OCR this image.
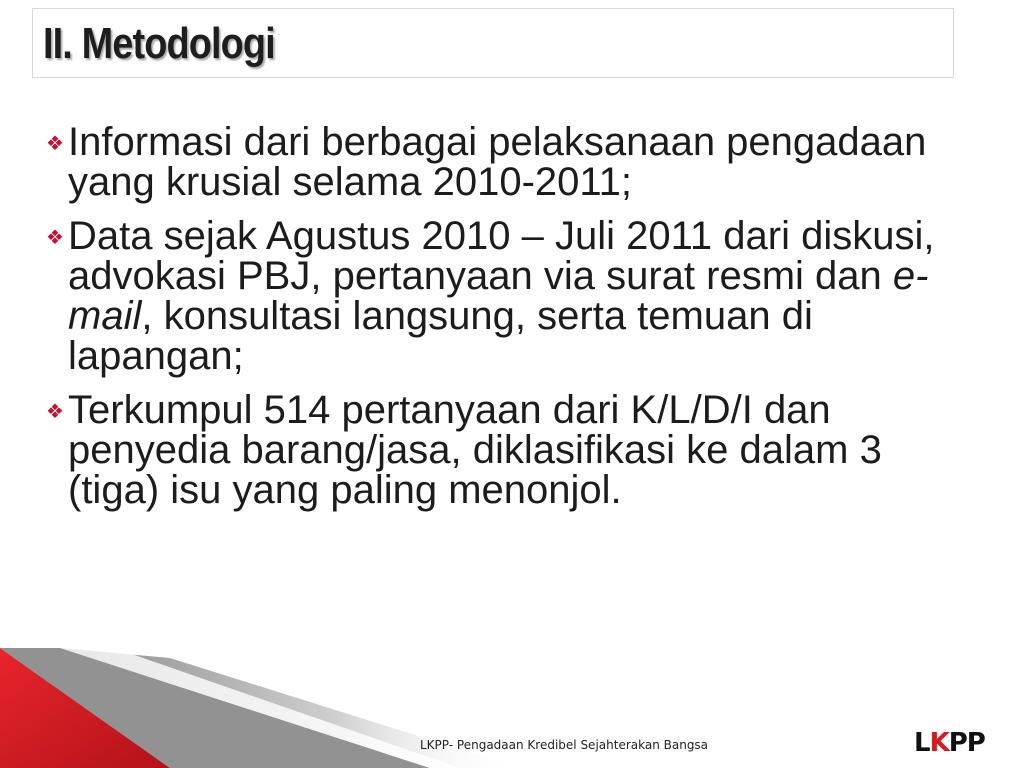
II. Metodologi
❖ Informasi dari berbagai pelaksanaan pengadaan yang krusial selama 2010-2011;
❖ Data sejak Agustus 2010 – Juli 2011 dari diskusi, advokasi PBJ, pertanyaan via surat resmi dan e-mail, konsultasi langsung, serta temuan di lapangan;
❖ Terkumpul 514 pertanyaan dari K/L/D/I dan penyedia barang/jasa, diklasifikasi ke dalam 3 (tiga) isu yang paling menonjol.
LKPP- Pengadaan Kredibel Sejahterakan Bangsa	LKPP
